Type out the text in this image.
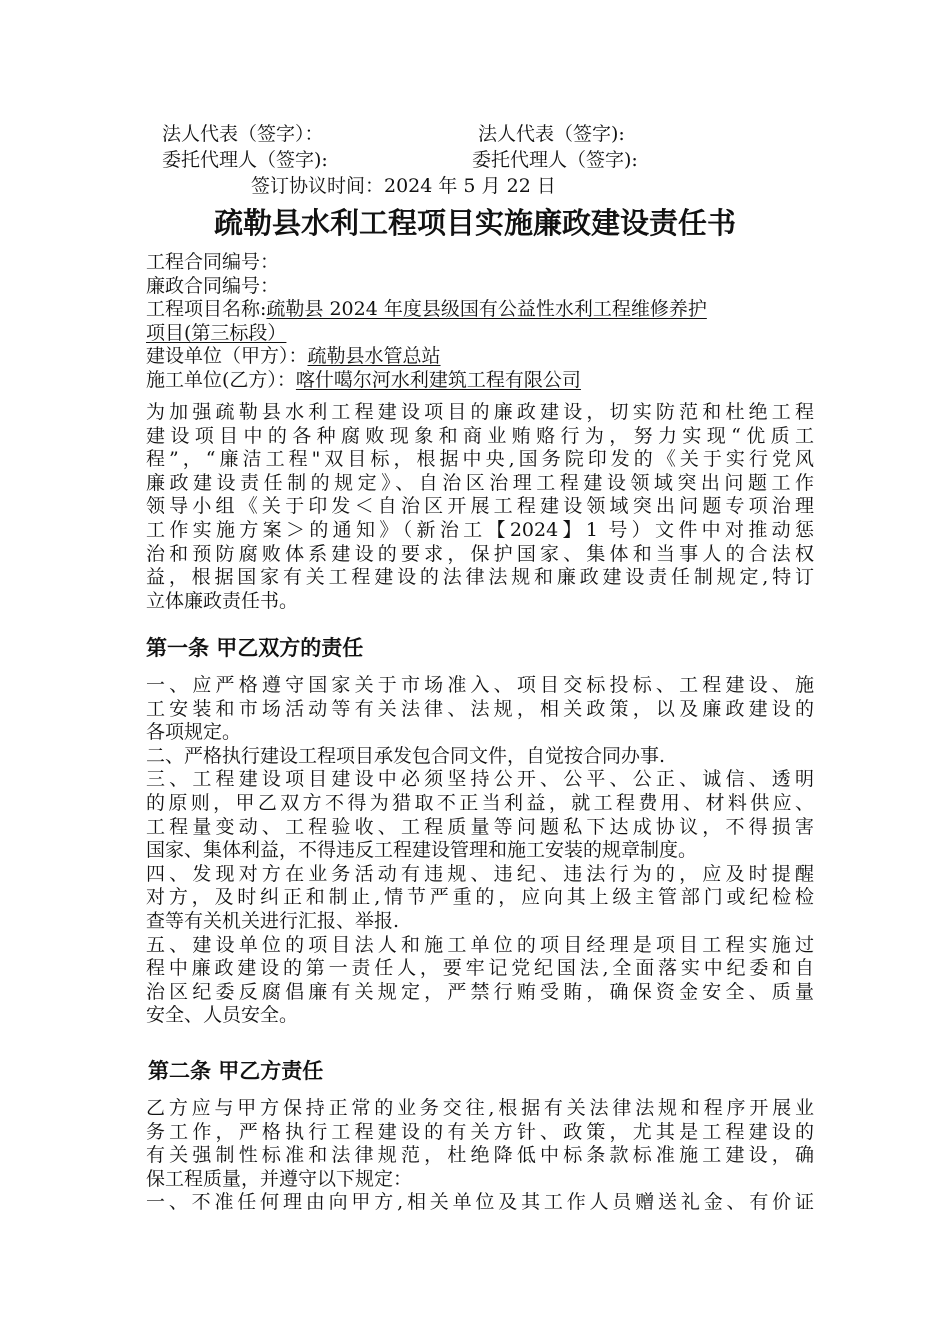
法人代表（签字）：	法人代表（签字):
委托代理人（签字):	委托代理人（签字):
签订协议时间：2024 年 5 月 22 日
疏勒县水利工程项目实施廉政建设责任书
工程合同编号：
廉政合同编号：
工程项目名称:疏勒县 2024 年度县级国有公益性水利工程维修养护
项目(第三标段）
建设单位（甲方）：疏勒县水管总站
施工单位(乙方）：喀什噶尔河水利建筑工程有限公司
为加强疏勒县水利工程建设项目的廉政建设，切实防范和杜绝工程
建设项目中的各种腐败现象和商业贿赂行为，努力实现“优质工
程”，“廉洁工程"双目标，根据中央,国务院印发的《关于实行党风
廉政建设责任制的规定》、自治区治理工程建设领域突出问题工作
领导小组《关于印发＜自治区开展工程建设领域突出问题专项治理
工作实施方案＞的通知》（新治工【2024】1 号）文件中对推动惩
治和预防腐败体系建设的要求，保护国家、集体和当事人的合法权
益，根据国家有关工程建设的法律法规和廉政建设责任制规定,特订
立体廉政责任书。
第一条 甲乙双方的责任
一、应严格遵守国家关于市场准入、项目交标投标、工程建设、施
工安装和市场活动等有关法律、法规，相关政策，以及廉政建设的
各项规定。
二、严格执行建设工程项目承发包合同文件，自觉按合同办事.
三、工程建设项目建设中必须坚持公开、公平、公正、诚信、透明
的原则，甲乙双方不得为猎取不正当利益，就工程费用、材料供应、
工程量变动、工程验收、工程质量等问题私下达成协议，不得损害
国家、集体利益，不得违反工程建设管理和施工安装的规章制度。
四、发现对方在业务活动有违规、违纪、违法行为的，应及时提醒
对方，及时纠正和制止,情节严重的，应向其上级主管部门或纪检检
查等有关机关进行汇报、举报.
五、建设单位的项目法人和施工单位的项目经理是项目工程实施过
程中廉政建设的第一责任人，要牢记党纪国法,全面落实中纪委和自
治区纪委反腐倡廉有关规定，严禁行贿受賄，确保资金安全、质量
安全、人员安全。
第二条 甲乙方责任
乙方应与甲方保持正常的业务交往,根据有关法律法规和程序开展业
务工作，严格执行工程建设的有关方针、政策，尤其是工程建设的
有关强制性标准和法律规范，杜绝降低中标条款标准施工建设，确
保工程质量，并遵守以下规定：
一、不准任何理由向甲方,相关单位及其工作人员赠送礼金、有价证
